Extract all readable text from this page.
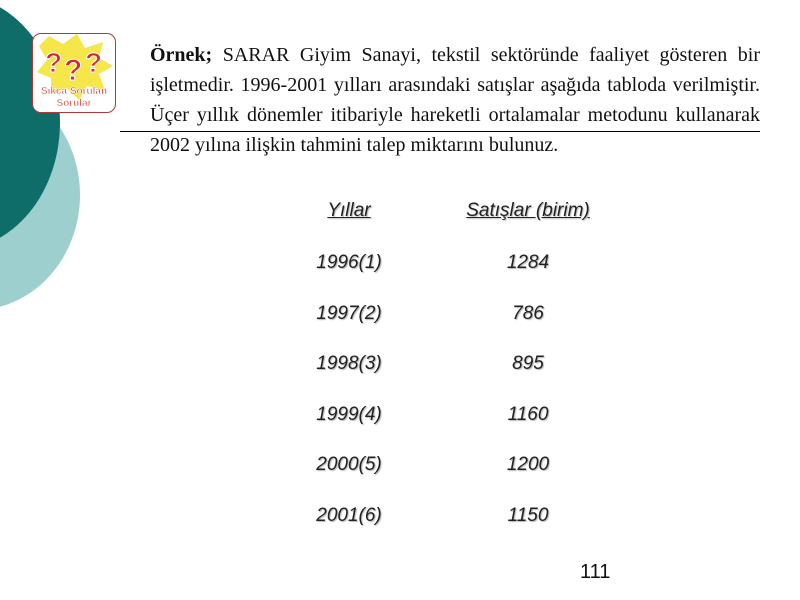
? ? ?
Sıkça Sorulan
Sorular
Örnek; SARAR Giyim Sanayi, tekstil sektöründe faaliyet gösteren bir işletmedir. 1996-2001 yılları arasındaki satışlar aşağıda tabloda verilmiştir. Üçer yıllık dönemler itibariyle hareketli ortalamalar metodunu kullanarak 2002 yılına ilişkin tahmini talep miktarını bulunuz.
Yıllar	Satışlar (birim)
1996(1)	1284
1997(2)	786
1998(3)	895
1999(4)	1160
2000(5)	1200
2001(6)	1150
111
